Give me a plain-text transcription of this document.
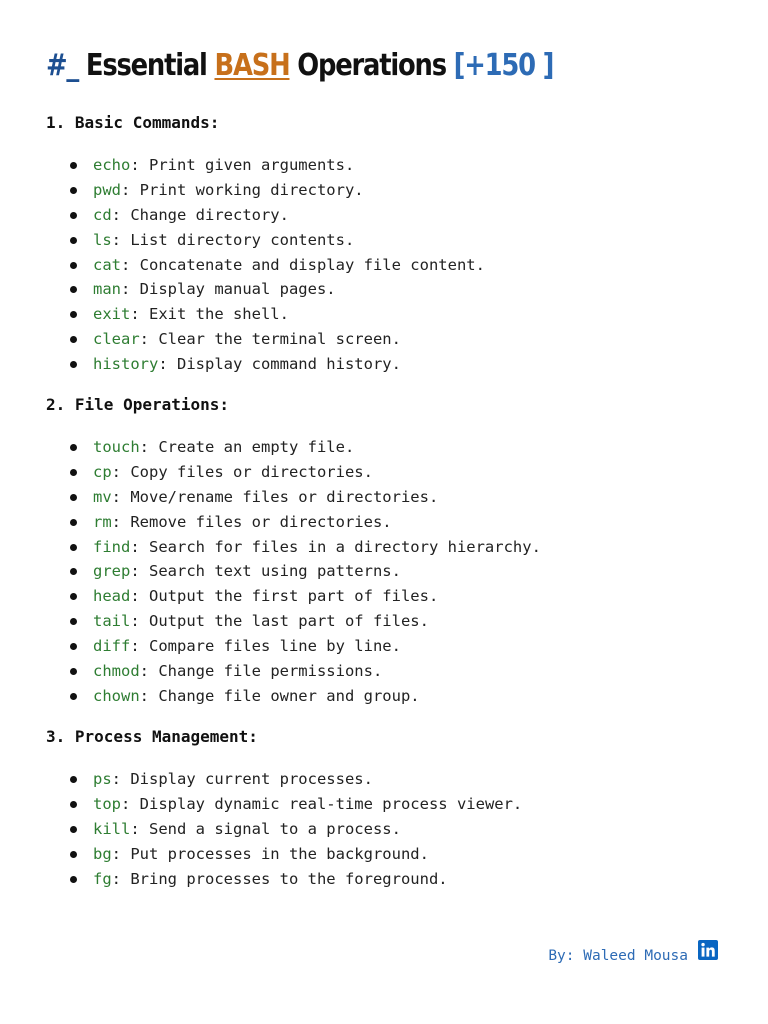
#_ Essential BASH Operations [+150 ]
1. Basic Commands:
echo: Print given arguments.
pwd: Print working directory.
cd: Change directory.
ls: List directory contents.
cat: Concatenate and display file content.
man: Display manual pages.
exit: Exit the shell.
clear: Clear the terminal screen.
history: Display command history.
2. File Operations:
touch: Create an empty file.
cp: Copy files or directories.
mv: Move/rename files or directories.
rm: Remove files or directories.
find: Search for files in a directory hierarchy.
grep: Search text using patterns.
head: Output the first part of files.
tail: Output the last part of files.
diff: Compare files line by line.
chmod: Change file permissions.
chown: Change file owner and group.
3. Process Management:
ps: Display current processes.
top: Display dynamic real-time process viewer.
kill: Send a signal to a process.
bg: Put processes in the background.
fg: Bring processes to the foreground.
By: Waleed Mousa
